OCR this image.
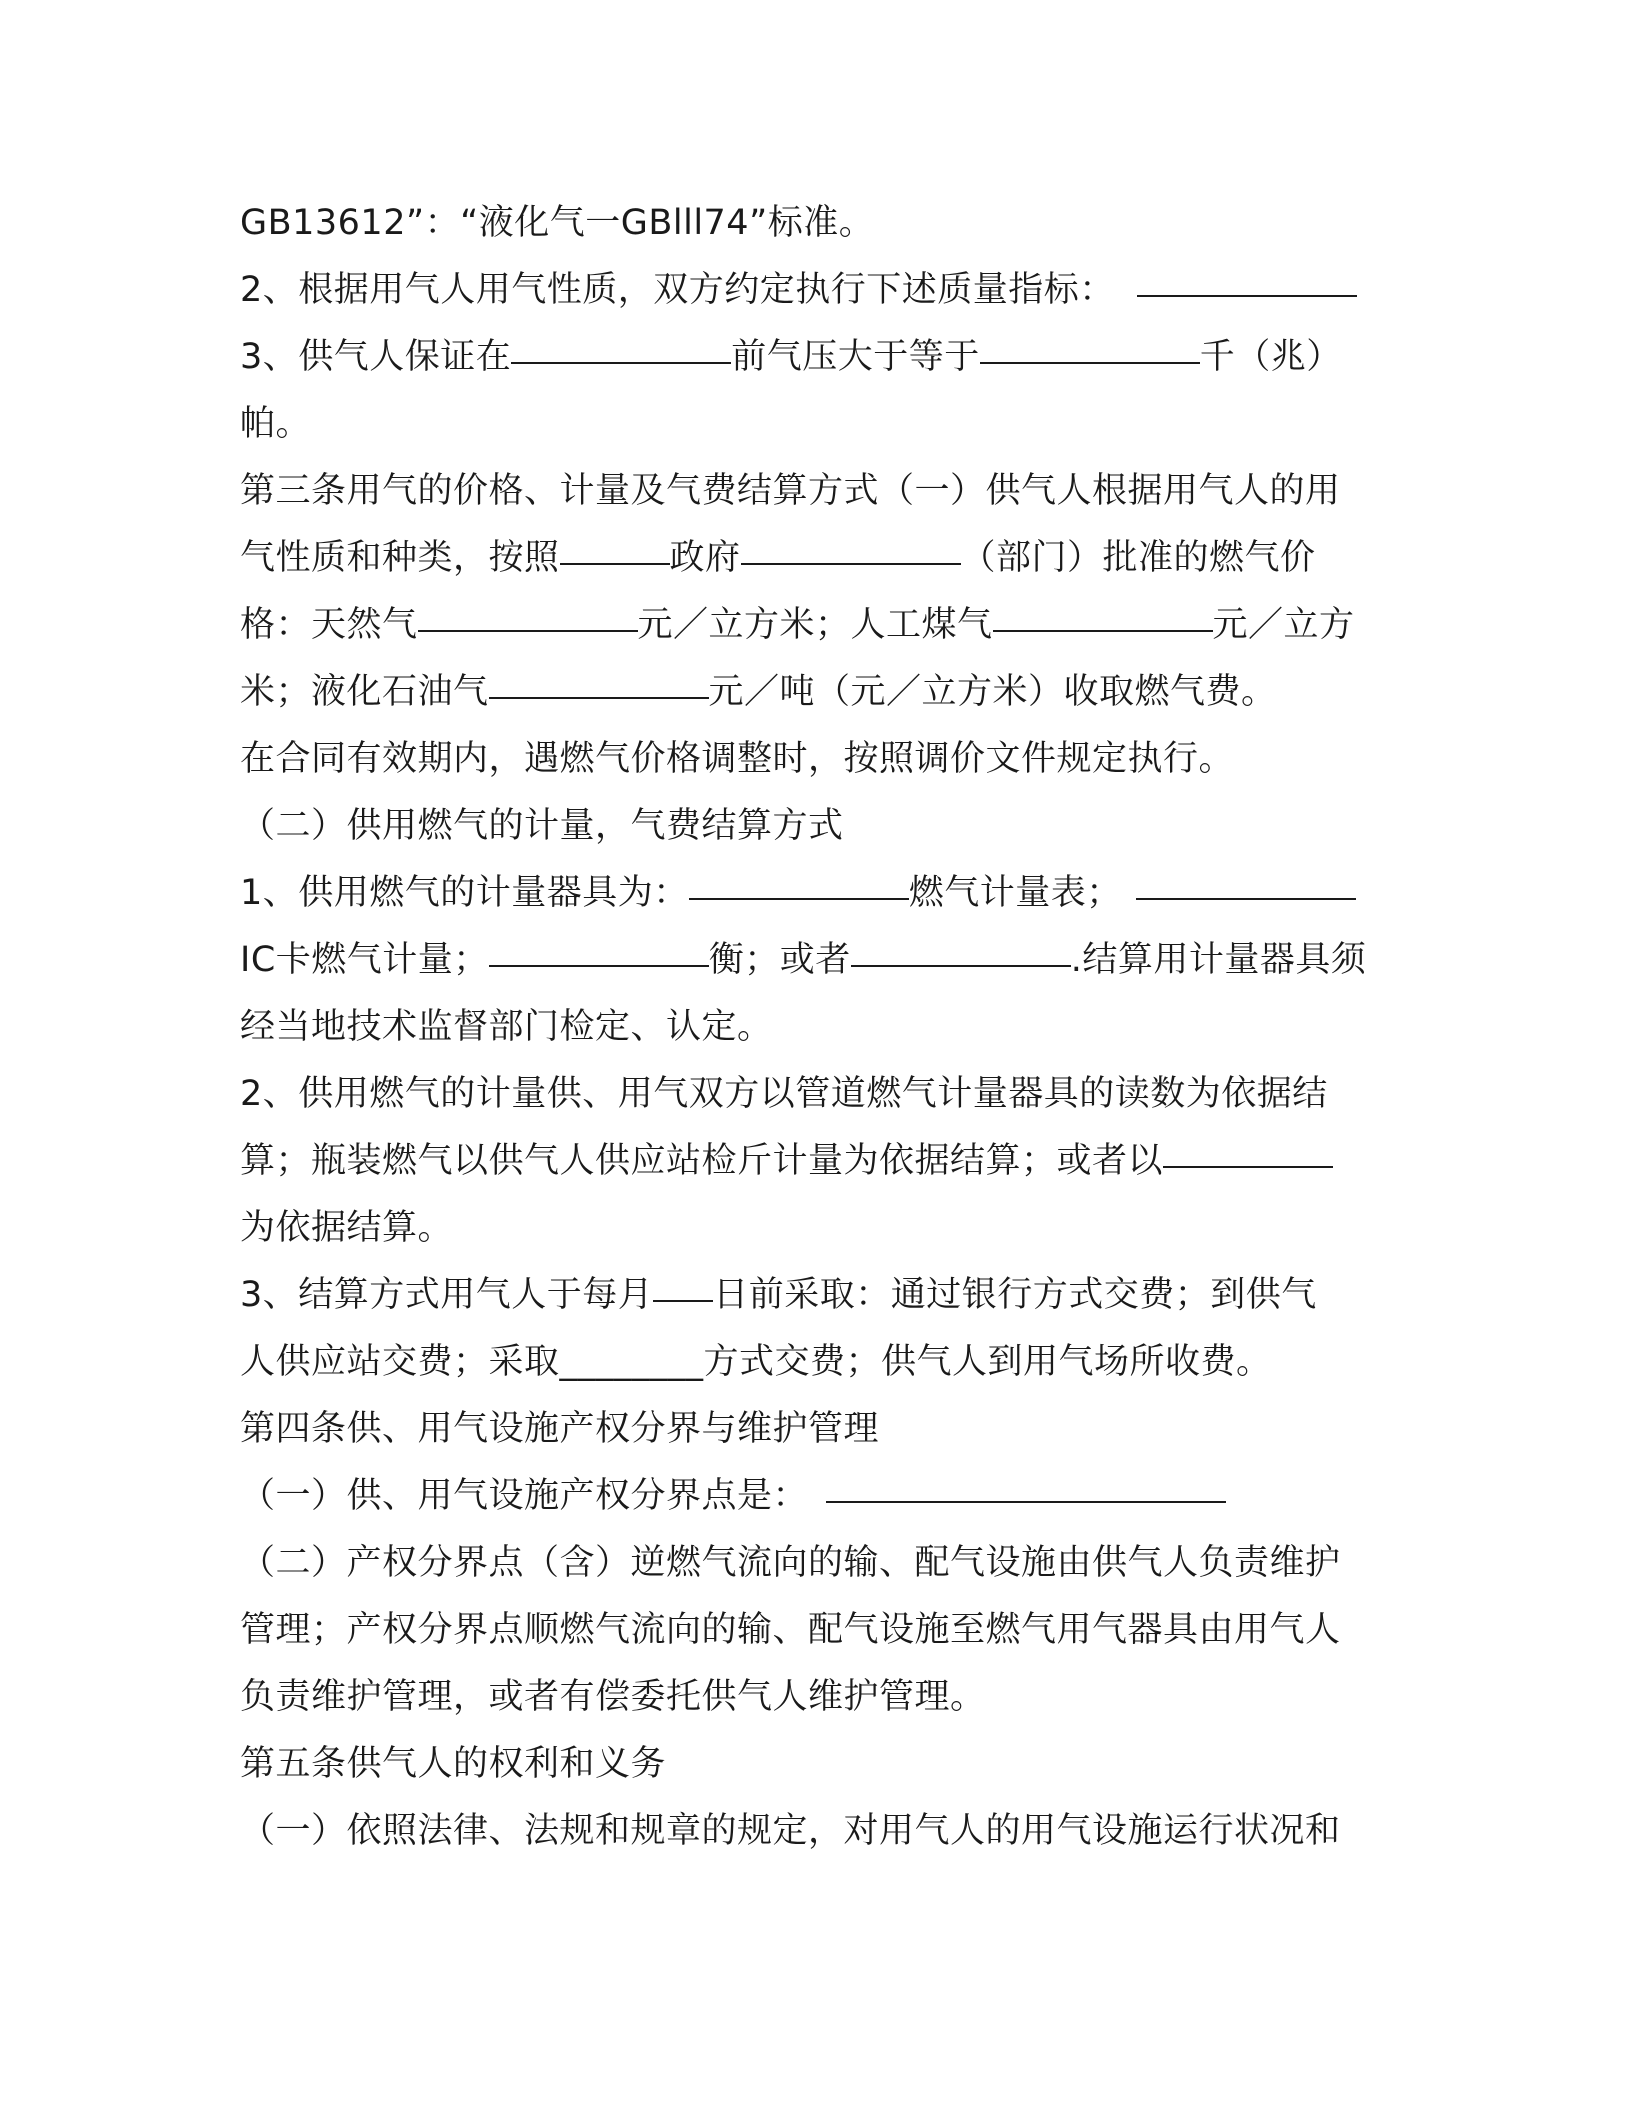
GB13612”：“液化气一GBlll74”标准。
2、根据用气人用气性质，双方约定执行下述质量指标：
3、供气人保证在	前气压大于等于	千（兆）
帕。
第三条用气的价格、计量及气费结算方式（一）供气人根据用气人的用
气性质和种类，按照	政府	（部门）批准的燃气价
格：天然气	元／立方米；人工煤气	元／立方
米；液化石油气	元／吨（元／立方米）收取燃气费。
在合同有效期内，遇燃气价格调整时，按照调价文件规定执行。
（二）供用燃气的计量，气费结算方式
1、供用燃气的计量器具为：	燃气计量表；
IC卡燃气计量；	衡；或者	.结算用计量器具须
经当地技术监督部门检定、认定。
2、供用燃气的计量供、用气双方以管道燃气计量器具的读数为依据结
算；瓶装燃气以供气人供应站检斤计量为依据结算；或者以
为依据结算。
3、结算方式用气人于每月 日前采取：通过银行方式交费；到供气
人供应站交费；采取________方式交费；供气人到用气场所收费。
第四条供、用气设施产权分界与维护管理
（一）供、用气设施产权分界点是：
（二）产权分界点（含）逆燃气流向的输、配气设施由供气人负责维护
管理；产权分界点顺燃气流向的输、配气设施至燃气用气器具由用气人
负责维护管理，或者有偿委托供气人维护管理。
第五条供气人的权利和义务
（一）依照法律、法规和规章的规定，对用气人的用气设施运行状况和
